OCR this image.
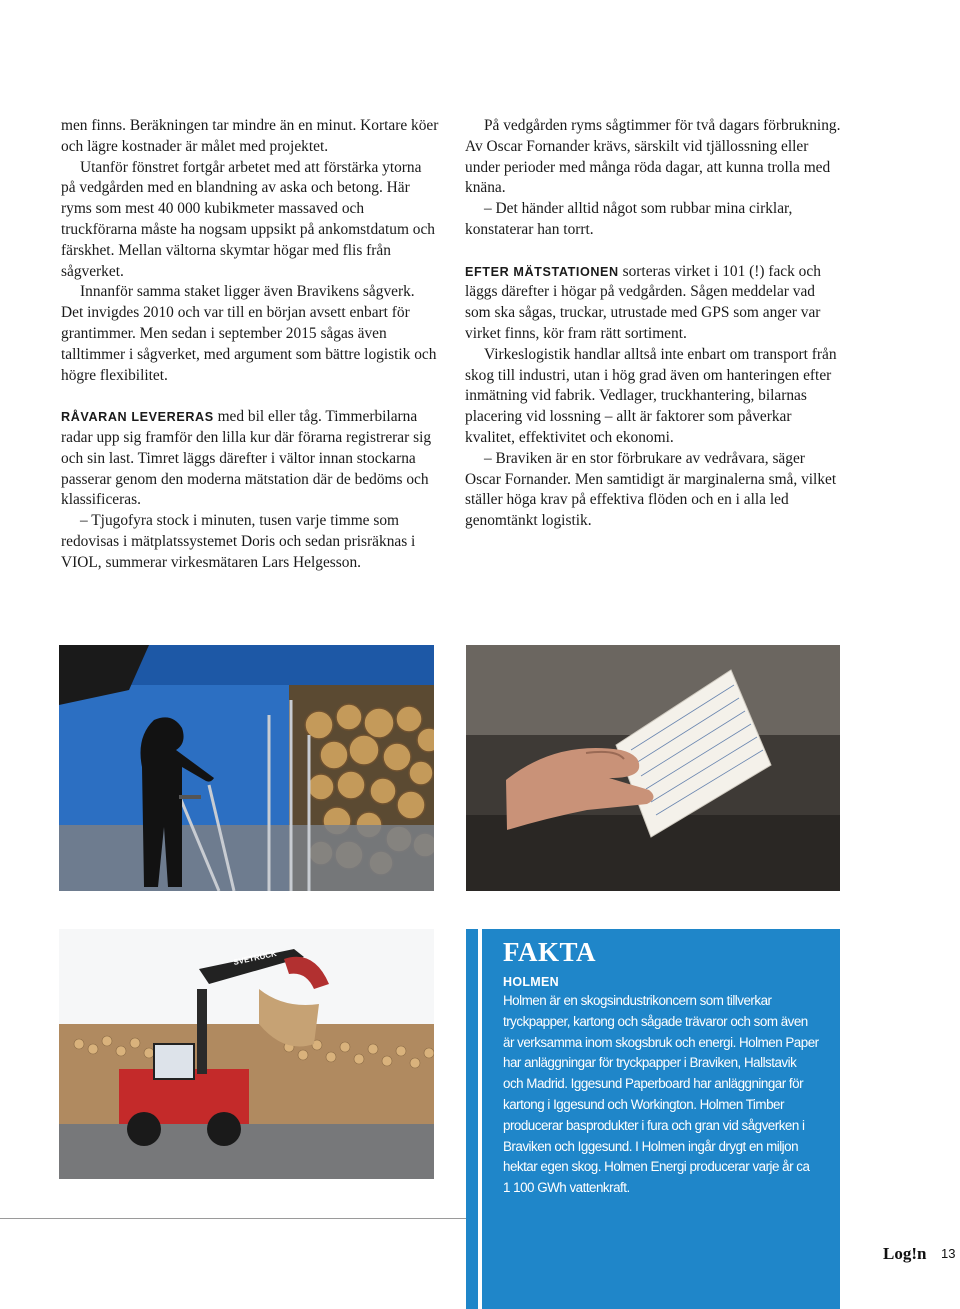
men finns. Beräkningen tar mindre än en minut. Kortare köer och lägre kostnader är målet med projektet.

Utanför fönstret fortgår arbetet med att förstärka ytorna på vedgården med en blandning av aska och betong. Här ryms som mest 40 000 kubikmeter massaved och truckförarna måste ha nogsam uppsikt på ankomstdatum och färskhet. Mellan vältorna skymtar högar med flis från sågverket.

Innanför samma staket ligger även Bravikens sågverk. Det invigdes 2010 och var till en början avsett enbart för grantimmer. Men sedan i september 2015 sågas även talltimmer i sågverket, med argument som bättre logistik och högre flexibilitet.

RÅVARAN LEVERERAS med bil eller tåg. Timmerbilarna radar upp sig framför den lilla kur där förarna registrerar sig och sin last. Timret läggs därefter i vältor innan stockarna passerar genom den moderna mätstation där de bedöms och klassificeras.

– Tjugofyra stock i minuten, tusen varje timme som redovisas i mätplatssystemet Doris och sedan prisräknas i VIOL, summerar virkesmätaren Lars Helgesson.

På vedgården ryms sågtimmer för två dagars förbrukning. Av Oscar Fornander krävs, särskilt vid tjällossning eller under perioder med många röda dagar, att kunna trolla med knäna.

– Det händer alltid något som rubbar mina cirklar, konstaterar han torrt.

EFTER MÄTSTATIONEN sorteras virket i 101 (!) fack och läggs därefter i högar på vedgården. Sågen meddelar vad som ska sågas, truckar, utrustade med GPS som anger var virket finns, kör fram rätt sortiment.

Virkeslogistik handlar alltså inte enbart om transport från skog till industri, utan i hög grad även om hanteringen efter inmätning vid fabrik. Vedlager, truckhantering, bilarnas placering vid lossning – allt är faktorer som påverkar kvalitet, effektivitet och ekonomi.

– Braviken är en stor förbrukare av vedråvara, säger Oscar Fornander. Men samtidigt är marginalerna små, vilket ställer höga krav på effektiva flöden och en i alla led genomtänkt logistik.

SVETRUCK	FAKTA
HOLMEN

Holmen är en skogsindustrikoncern som tillverkar tryckpapper, kartong och sågade trävaror och som även är verksamma inom skogsbruk och energi. Holmen Paper har anläggningar för tryckpapper i Braviken, Hallstavik och Madrid. Iggesund Paperboard har anläggningar för kartong i Iggesund och Workington. Holmen Timber producerar basprodukter i fura och gran vid sågverken i Braviken och Iggesund. I Holmen ingår drygt en miljon hektar egen skog. Holmen Energi producerar varje år ca 1 100 GWh vattenkraft.

Log!n 13
